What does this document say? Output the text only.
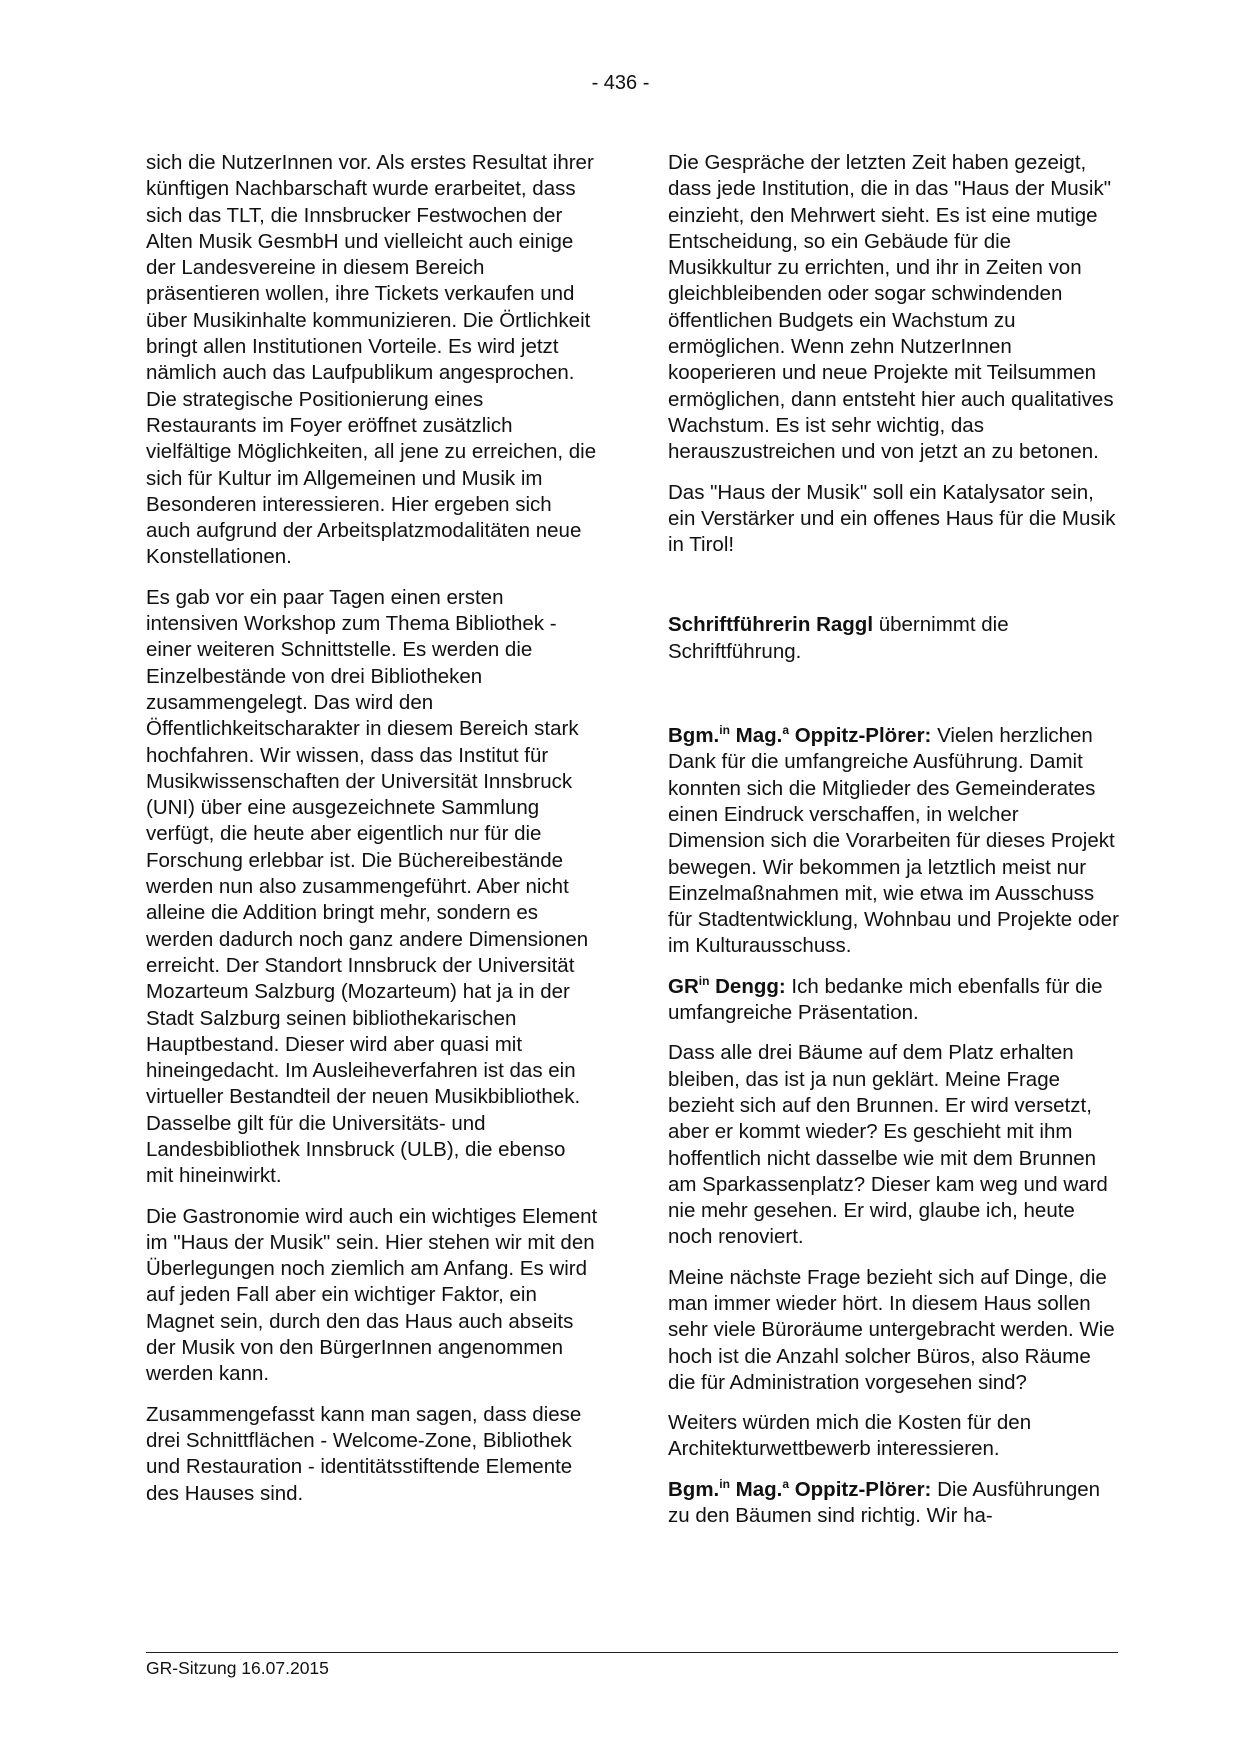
- 436 -

sich die NutzerInnen vor. Als erstes Resultat ihrer künftigen Nachbarschaft wurde erarbeitet, dass sich das TLT, die Innsbrucker Festwochen der Alten Musik GesmbH und vielleicht auch einige der Landesvereine in diesem Bereich präsentieren wollen, ihre Tickets verkaufen und über Musikinhalte kommunizieren. Die Örtlichkeit bringt allen Institutionen Vorteile. Es wird jetzt nämlich auch das Laufpublikum angesprochen. Die strategische Positionierung eines Restaurants im Foyer eröffnet zusätzlich vielfältige Möglichkeiten, all jene zu erreichen, die sich für Kultur im Allgemeinen und Musik im Besonderen interessieren. Hier ergeben sich auch aufgrund der Arbeitsplatzmodalitäten neue Konstellationen.

Es gab vor ein paar Tagen einen ersten intensiven Workshop zum Thema Bibliothek - einer weiteren Schnittstelle. Es werden die Einzelbestände von drei Bibliotheken zusammengelegt. Das wird den Öffentlichkeitscharakter in diesem Bereich stark hochfahren. Wir wissen, dass das Institut für Musikwissenschaften der Universität Innsbruck (UNI) über eine ausgezeichnete Sammlung verfügt, die heute aber eigentlich nur für die Forschung erlebbar ist. Die Büchereibestände werden nun also zusammengeführt. Aber nicht alleine die Addition bringt mehr, sondern es werden dadurch noch ganz andere Dimensionen erreicht. Der Standort Innsbruck der Universität Mozarteum Salzburg (Mozarteum) hat ja in der Stadt Salzburg seinen bibliothekarischen Hauptbestand. Dieser wird aber quasi mit hineingedacht. Im Ausleiheverfahren ist das ein virtueller Bestandteil der neuen Musikbibliothek. Dasselbe gilt für die Universitäts- und Landesbibliothek Innsbruck (ULB), die ebenso mit hineinwirkt.

Die Gastronomie wird auch ein wichtiges Element im "Haus der Musik" sein. Hier stehen wir mit den Überlegungen noch ziemlich am Anfang. Es wird auf jeden Fall aber ein wichtiger Faktor, ein Magnet sein, durch den das Haus auch abseits der Musik von den BürgerInnen angenommen werden kann.

Zusammengefasst kann man sagen, dass diese drei Schnittflächen - Welcome-Zone, Bibliothek und Restauration - identitätsstiftende Elemente des Hauses sind.

Die Gespräche der letzten Zeit haben gezeigt, dass jede Institution, die in das "Haus der Musik" einzieht, den Mehrwert sieht. Es ist eine mutige Entscheidung, so ein Gebäude für die Musikkultur zu errichten, und ihr in Zeiten von gleichbleibenden oder sogar schwindenden öffentlichen Budgets ein Wachstum zu ermöglichen. Wenn zehn NutzerInnen kooperieren und neue Projekte mit Teilsummen ermöglichen, dann entsteht hier auch qualitatives Wachstum. Es ist sehr wichtig, das herauszustreichen und von jetzt an zu betonen.

Das "Haus der Musik" soll ein Katalysator sein, ein Verstärker und ein offenes Haus für die Musik in Tirol!

Schriftführerin Raggl übernimmt die Schriftführung.

Bgm.$^{in}$ Mag.$^a$ Oppitz-Plörer: Vielen herzlichen Dank für die umfangreiche Ausführung. Damit konnten sich die Mitglieder des Gemeinderates einen Eindruck verschaffen, in welcher Dimension sich die Vorarbeiten für dieses Projekt bewegen. Wir bekommen ja letztlich meist nur Einzelmaßnahmen mit, wie etwa im Ausschuss für Stadtentwicklung, Wohnbau und Projekte oder im Kulturausschuss.

$GR^{in}$ Dengg: Ich bedanke mich ebenfalls für die umfangreiche Präsentation.

Dass alle drei Bäume auf dem Platz erhalten bleiben, das ist ja nun geklärt. Meine Frage bezieht sich auf den Brunnen. Er wird versetzt, aber er kommt wieder? Es geschieht mit ihm hoffentlich nicht dasselbe wie mit dem Brunnen am Sparkassenplatz? Dieser kam weg und ward nie mehr gesehen. Er wird, glaube ich, heute noch renoviert.

Meine nächste Frage bezieht sich auf Dinge, die man immer wieder hört. In diesem Haus sollen sehr viele Büroräume untergebracht werden. Wie hoch ist die Anzahl solcher Büros, also Räume die für Administration vorgesehen sind?

Weiters würden mich die Kosten für den Architekturwettbewerb interessieren.

Bgm.$^{in}$ Mag.$^a$ Oppitz-Plörer: Die Ausführungen zu den Bäumen sind richtig. Wir ha-

GR-Sitzung 16.07.2015
